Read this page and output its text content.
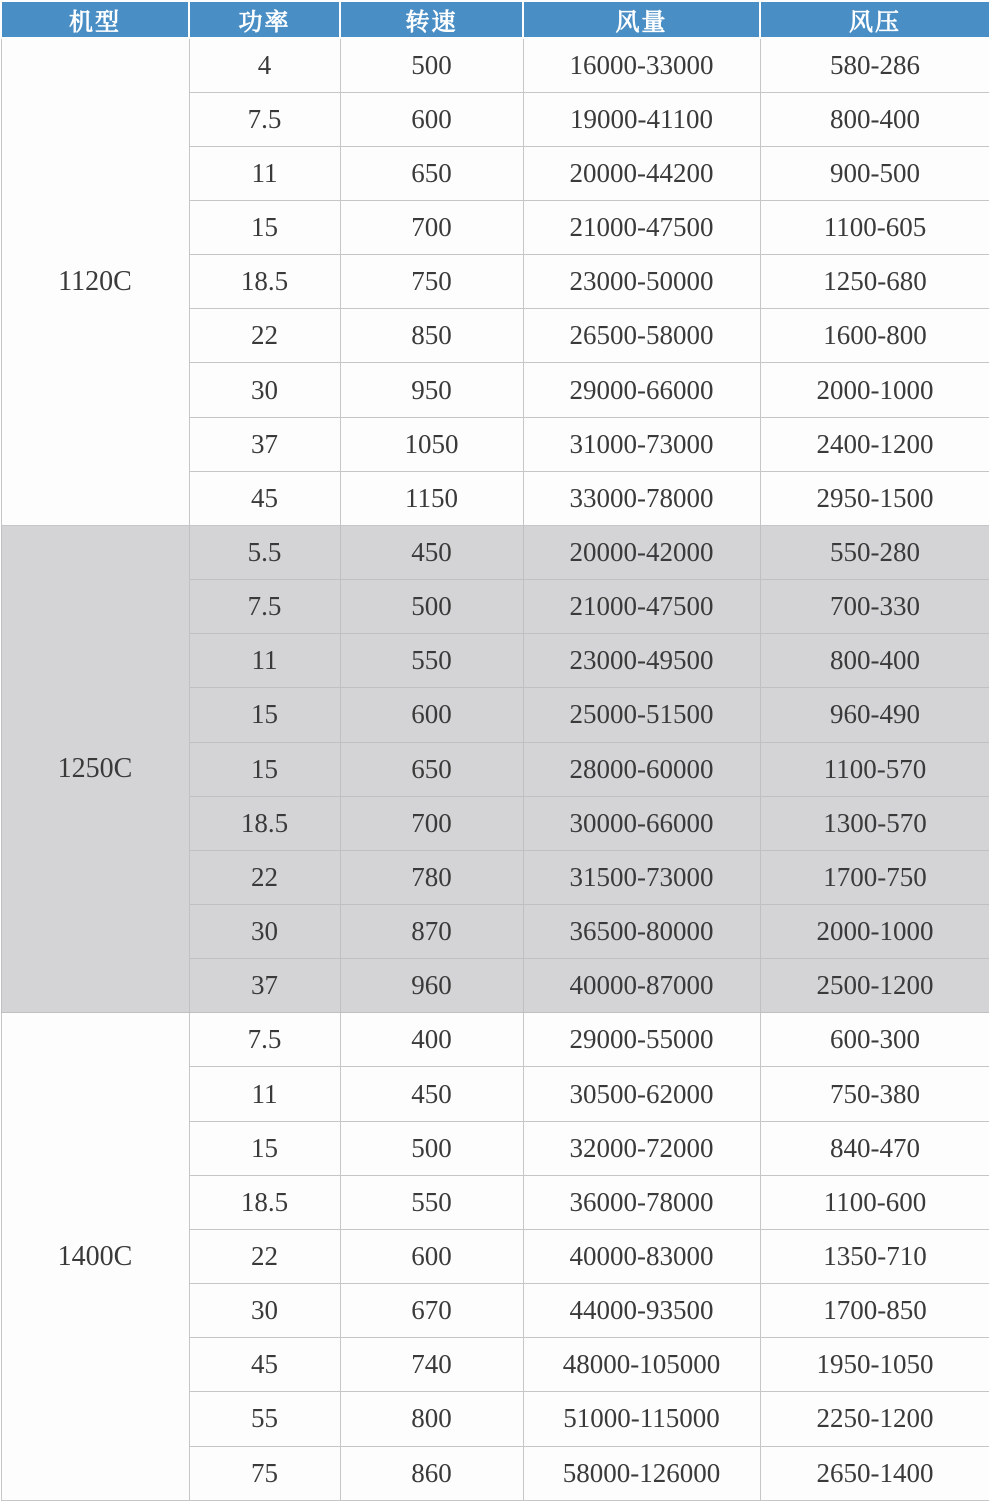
机型	功率	转速	风量	风压
1120C	4	500	16000-33000	580-286
	7.5	600	19000-41100	800-400
	11	650	20000-44200	900-500
	15	700	21000-47500	1100-605
	18.5	750	23000-50000	1250-680
	22	850	26500-58000	1600-800
	30	950	29000-66000	2000-1000
	37	1050	31000-73000	2400-1200
	45	1150	33000-78000	2950-1500
1250C	5.5	450	20000-42000	550-280
	7.5	500	21000-47500	700-330
	11	550	23000-49500	800-400
	15	600	25000-51500	960-490
	15	650	28000-60000	1100-570
	18.5	700	30000-66000	1300-570
	22	780	31500-73000	1700-750
	30	870	36500-80000	2000-1000
	37	960	40000-87000	2500-1200
1400C	7.5	400	29000-55000	600-300
	11	450	30500-62000	750-380
	15	500	32000-72000	840-470
	18.5	550	36000-78000	1100-600
	22	600	40000-83000	1350-710
	30	670	44000-93500	1700-850
	45	740	48000-105000	1950-1050
	55	800	51000-115000	2250-1200
	75	860	58000-126000	2650-1400
